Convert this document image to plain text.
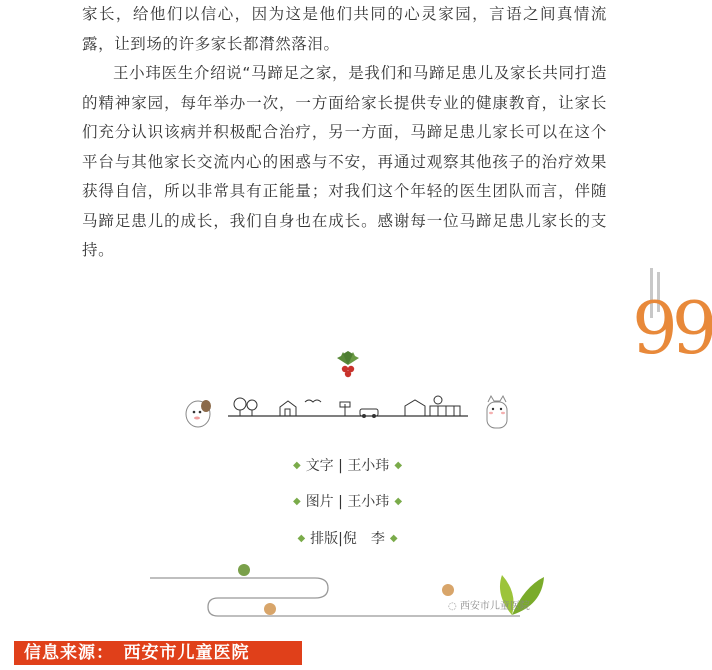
家长，给他们以信心，因为这是他们共同的心灵家园，言语之间真情流露，让到场的许多家长都潸然落泪。

王小玮医生介绍说“马蹄足之家，是我们和马蹄足患儿及家长共同打造的精神家园，每年举办一次，一方面给家长提供专业的健康教育，让家长们充分认识该病并积极配合治疗，另一方面，马蹄足患儿家长可以在这个平台与其他家长交流内心的困惑与不安，再通过观察其他孩子的治疗效果获得自信，所以非常具有正能量；对我们这个年轻的医生团队而言，伴随马蹄足患儿的成长，我们自身也在成长。感谢每一位马蹄足患儿家长的支持。

99
◆ 文字 | 王小玮 ◆
◆ 图片 | 王小玮 ◆
◆ 排版|倪　李 ◆
◌ 西安市儿童医院
信息来源：　西安市儿童医院
